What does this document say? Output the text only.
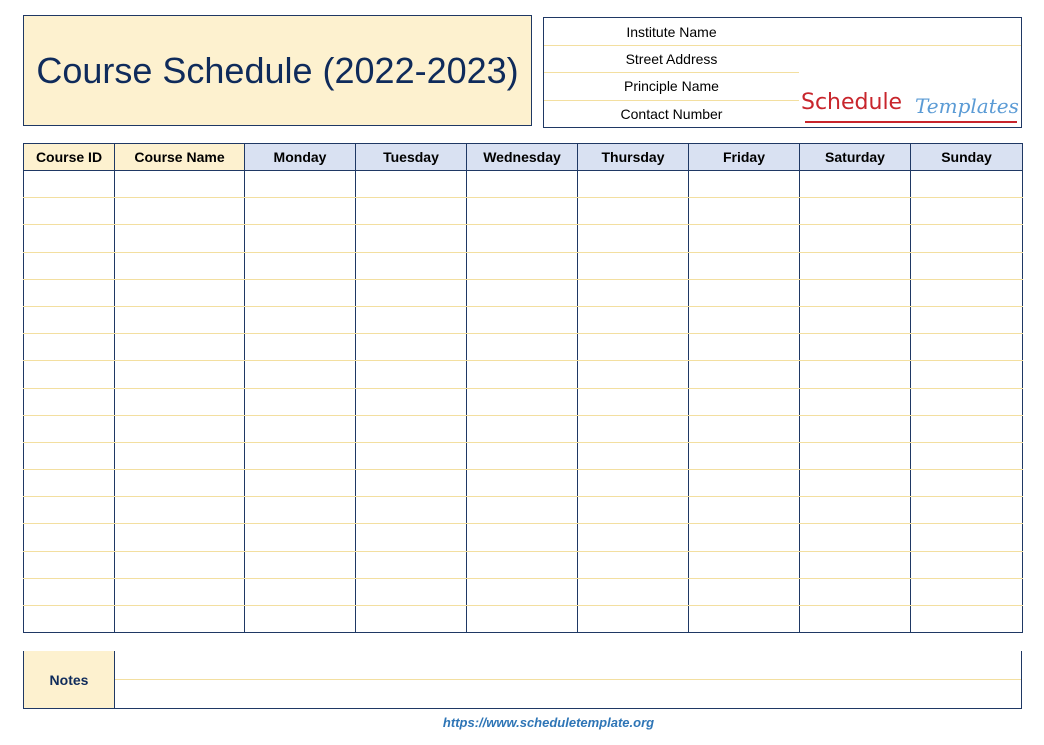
Course Schedule (2022-2023)
Institute Name
Street Address
Principle Name
Contact Number	Schedule Templates
Course ID	Course Name	Monday	Tuesday	Wednesday	Thursday	Friday	Saturday	Sunday

Notes
https://www.scheduletemplate.org
